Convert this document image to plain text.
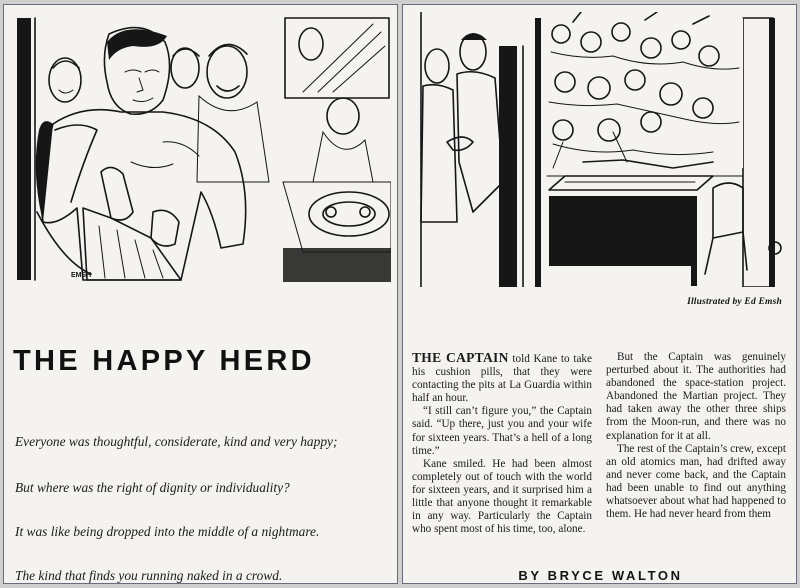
EMSH
THE HAPPY HERD
Everyone was thoughtful, considerate, kind and very happy;
But where was the right of dignity or individuality?
It was like being dropped into the middle of a nightmare.
The kind that finds you running naked in a crowd.
Illustrated by Ed Emsh

THE CAPTAIN told Kane to take his cushion pills, that they were contacting the pits at La Guardia within half an hour.

“I still can’t figure you,” the Captain said. “Up there, just you and your wife for sixteen years. That’s a hell of a long time.”

Kane smiled. He had been almost completely out of touch with the world for sixteen years, and it surprised him a little that anyone thought it remarkable in any way. Particularly the Captain who spent most of his time, too, alone.

But the Captain was genuinely perturbed about it. The authorities had abandoned the space-station project. Abandoned the Martian project. They had taken away the other three ships from the Moon-run, and there was no explanation for it at all.

The rest of the Captain’s crew, except an old atomics man, had drifted away and never come back, and the Captain had been unable to find out anything whatsoever about what had happened to them. He had never heard from them

BY BRYCE WALTON
